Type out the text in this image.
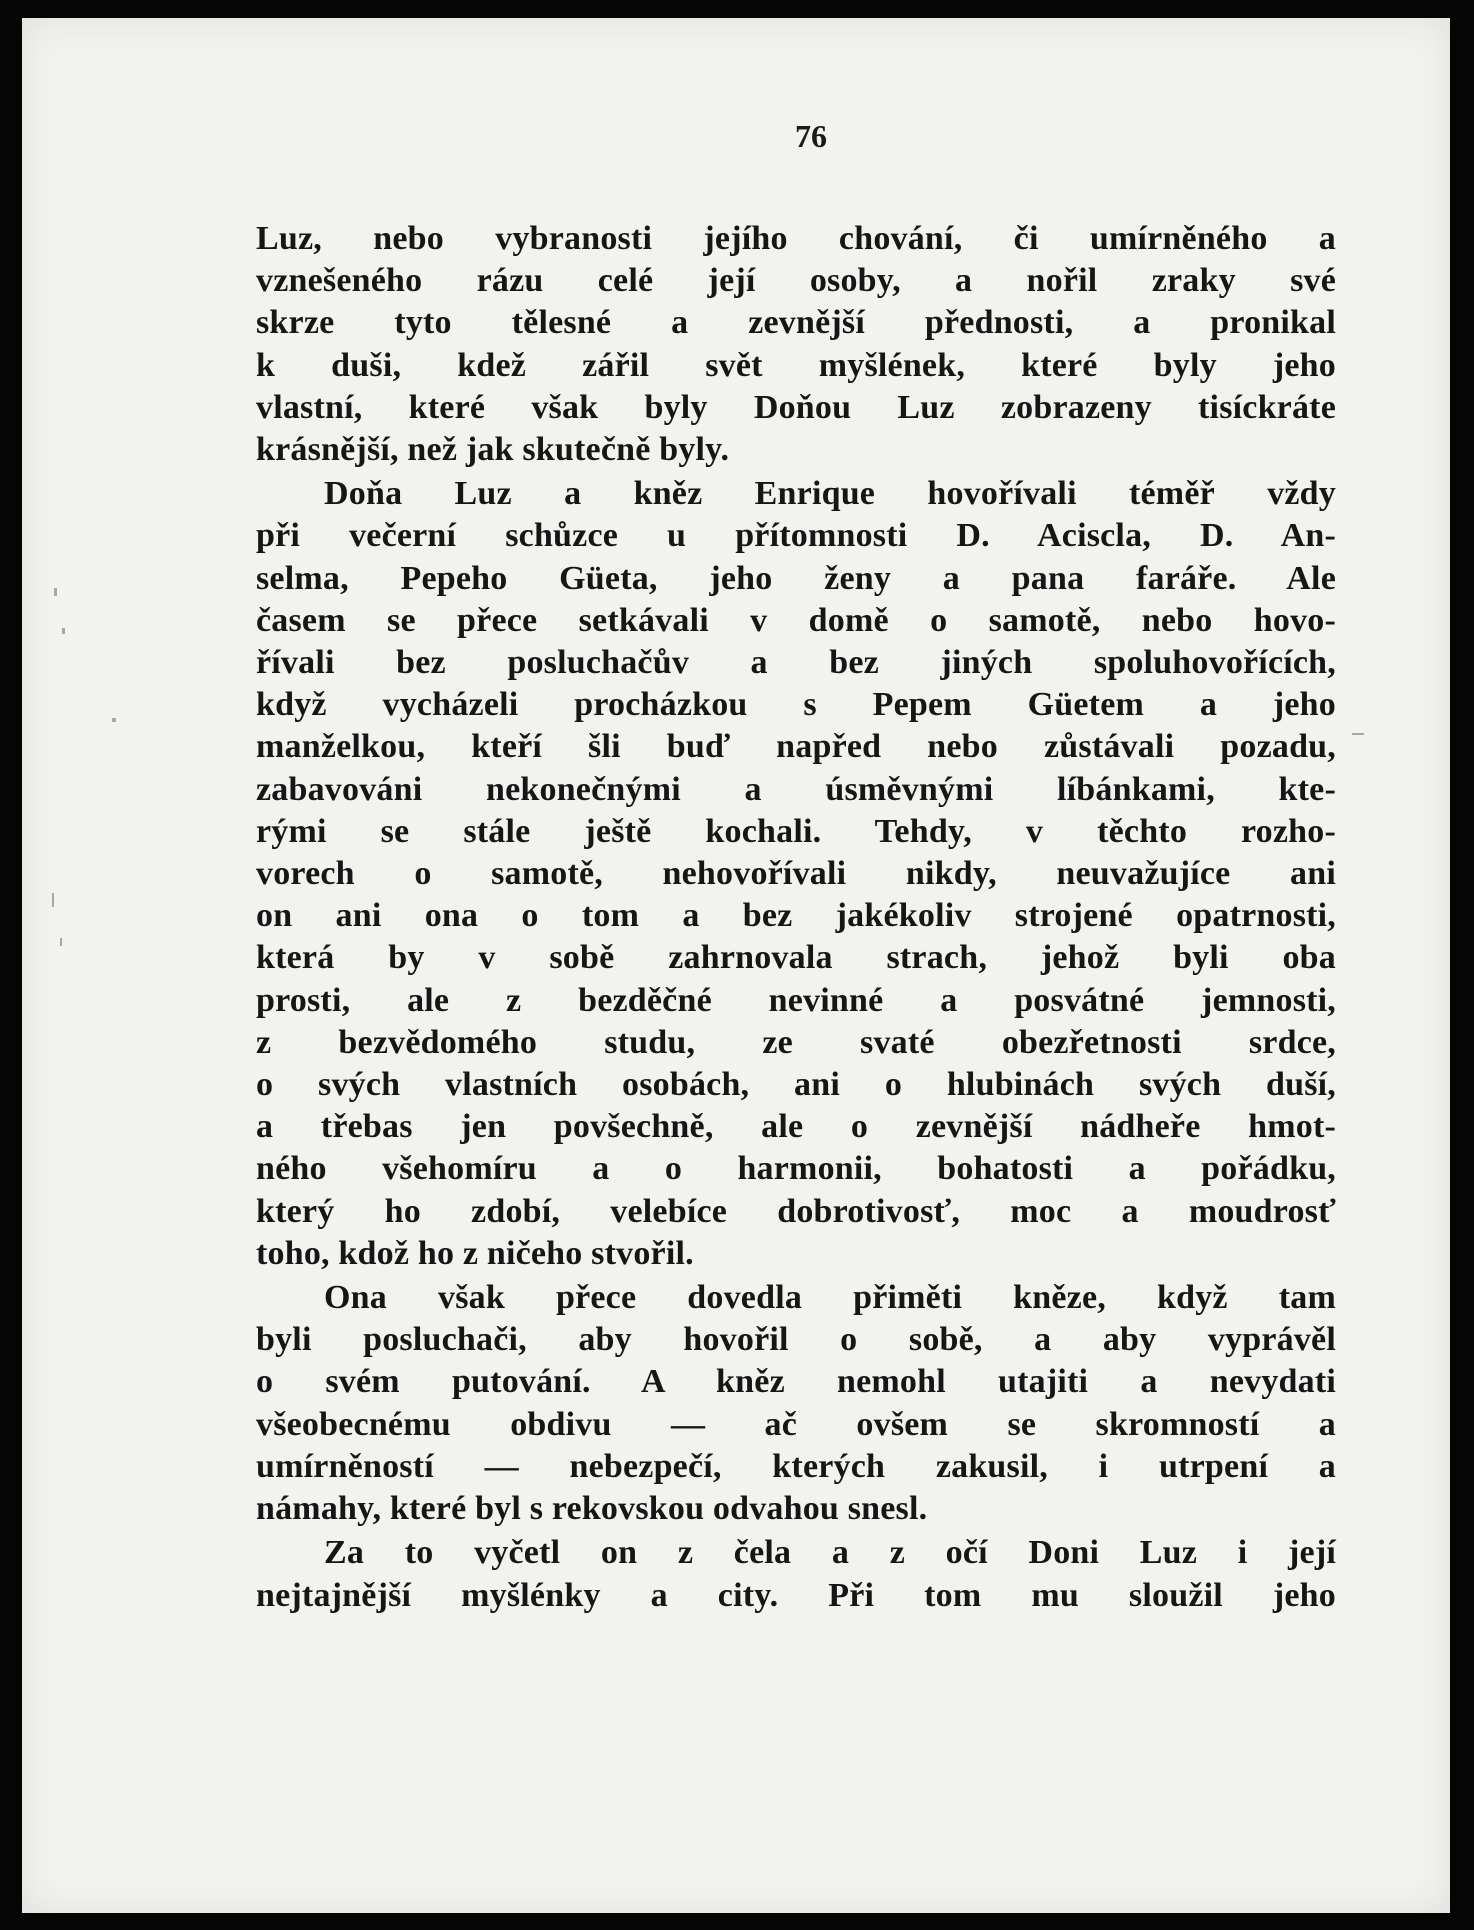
76
Luz, nebo vybranosti jejího chování, či umírněného a
vznešeného rázu celé její osoby, a nořil zraky své
skrze tyto tělesné a zevnější přednosti, a pronikal
k duši, kdež zářil svět myšlének, které byly jeho
vlastní, které však byly Doňou Luz zobrazeny tisíckráte
krásnější, než jak skutečně byly.
Doňa Luz a kněz Enrique hovořívali téměř vždy
při večerní schůzce u přítomnosti D. Aciscla, D. An-
selma, Pepeho Güeta, jeho ženy a pana faráře. Ale
časem se přece setkávali v domě o samotě, nebo hovo-
řívali bez posluchačův a bez jiných spoluhovořících,
když vycházeli procházkou s Pepem Güetem a jeho
manželkou, kteří šli buď napřed nebo zůstávali pozadu,
zabavováni nekonečnými a úsměvnými líbánkami, kte-
rými se stále ještě kochali. Tehdy, v těchto rozho-
vorech o samotě, nehovořívali nikdy, neuvažujíce ani
on ani ona o tom a bez jakékoliv strojené opatrnosti,
která by v sobě zahrnovala strach, jehož byli oba
prosti, ale z bezděčné nevinné a posvátné jemnosti,
z bezvědomého studu, ze svaté obezřetnosti srdce,
o svých vlastních osobách, ani o hlubinách svých duší,
a třebas jen povšechně, ale o zevnější nádheře hmot-
ného všehomíru a o harmonii, bohatosti a pořádku,
který ho zdobí, velebíce dobrotivosť, moc a moudrosť
toho, kdož ho z ničeho stvořil.
Ona však přece dovedla přiměti kněze, když tam
byli posluchači, aby hovořil o sobě, a aby vyprávěl
o svém putování. A kněz nemohl utajiti a nevydati
všeobecnému obdivu — ač ovšem se skromností a
umírněností — nebezpečí, kterých zakusil, i utrpení a
námahy, které byl s rekovskou odvahou snesl.
Za to vyčetl on z čela a z očí Doni Luz i její
nejtajnější myšlénky a city. Při tom mu sloužil jeho
